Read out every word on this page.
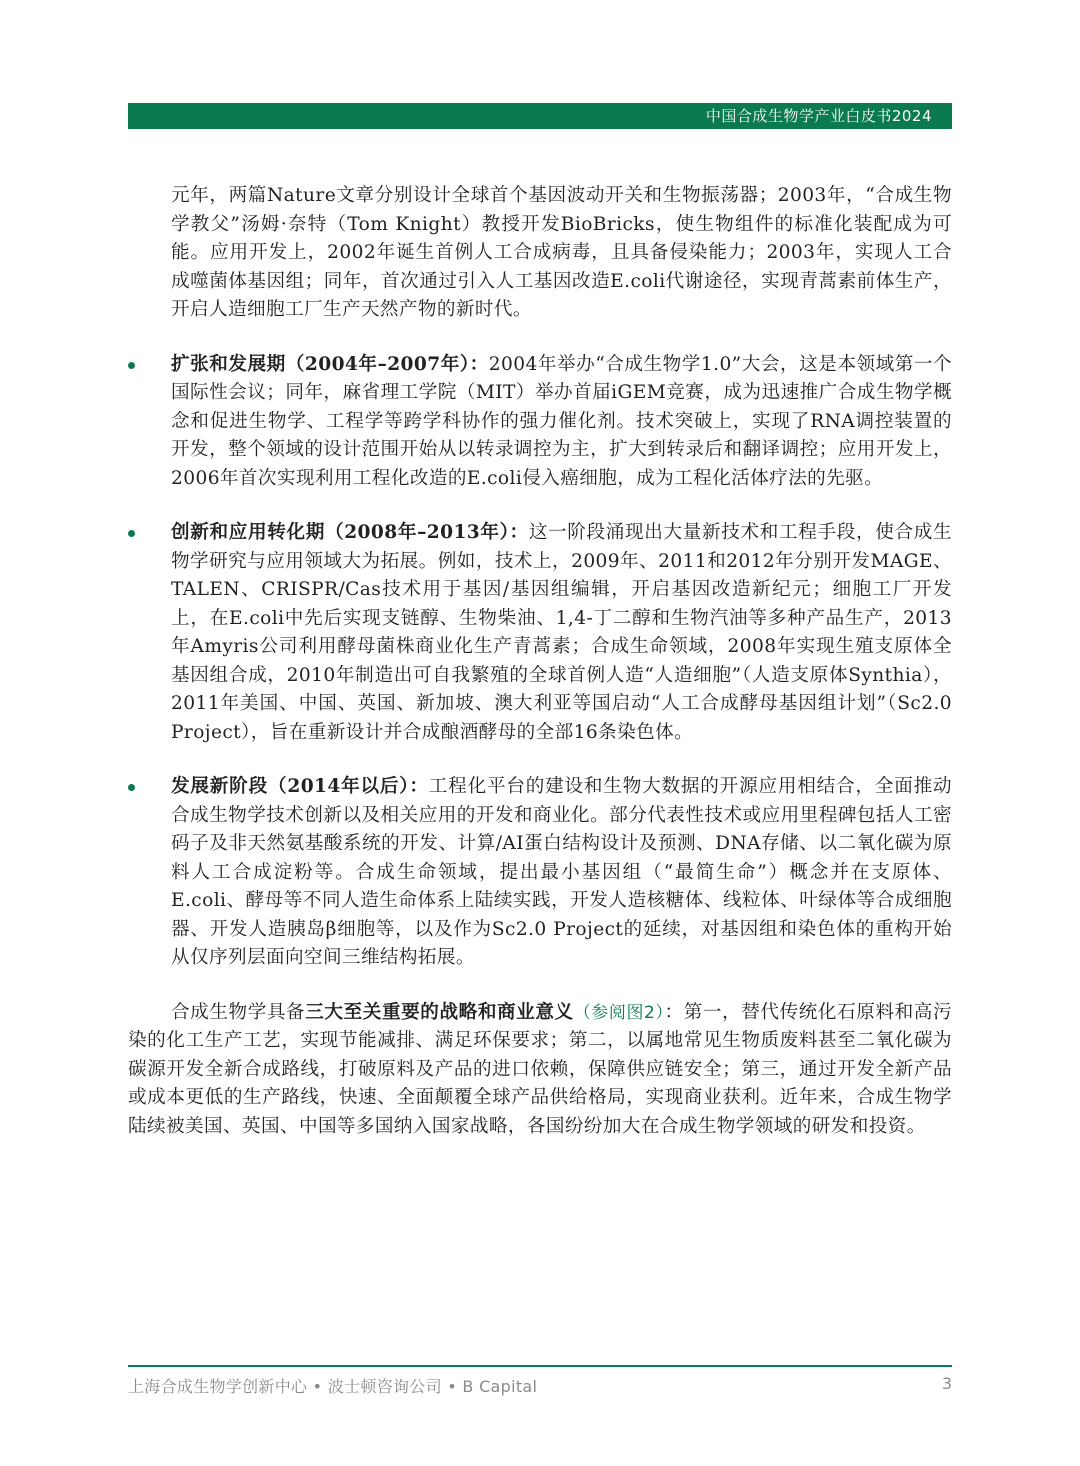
中国合成生物学产业白皮书2024

元年，两篇Nature文章分别设计全球首个基因波动开关和生物振荡器；2003年，“合成生物学教父”汤姆·奈特（Tom Knight）教授开发BioBricks，使生物组件的标准化装配成为可能。应用开发上，2002年诞生首例人工合成病毒，且具备侵染能力；2003年，实现人工合成噬菌体基因组；同年，首次通过引入人工基因改造E.coli代谢途径，实现青蒿素前体生产，开启人造细胞工厂生产天然产物的新时代。

扩张和发展期（2004年–2007年）：2004年举办“合成生物学1.0”大会，这是本领域第一个国际性会议；同年，麻省理工学院（MIT）举办首届iGEM竞赛，成为迅速推广合成生物学概念和促进生物学、工程学等跨学科协作的强力催化剂。技术突破上，实现了RNA调控装置的开发，整个领域的设计范围开始从以转录调控为主，扩大到转录后和翻译调控；应用开发上，2006年首次实现利用工程化改造的E.coli侵入癌细胞，成为工程化活体疗法的先驱。

创新和应用转化期（2008年–2013年）：这一阶段涌现出大量新技术和工程手段，使合成生物学研究与应用领域大为拓展。例如，技术上，2009年、2011和2012年分别开发MAGE、TALEN、CRISPR/Cas技术用于基因/基因组编辑，开启基因改造新纪元；细胞工厂开发上，在E.coli中先后实现支链醇、生物柴油、1,4-丁二醇和生物汽油等多种产品生产，2013年Amyris公司利用酵母菌株商业化生产青蒿素；合成生命领域，2008年实现生殖支原体全基因组合成，2010年制造出可自我繁殖的全球首例人造“人造细胞”（人造支原体Synthia），2011年美国、中国、英国、新加坡、澳大利亚等国启动“人工合成酵母基因组计划”（Sc2.0 Project），旨在重新设计并合成酿酒酵母的全部16条染色体。

发展新阶段（2014年以后）：工程化平台的建设和生物大数据的开源应用相结合，全面推动合成生物学技术创新以及相关应用的开发和商业化。部分代表性技术或应用里程碑包括人工密码子及非天然氨基酸系统的开发、计算/AI蛋白结构设计及预测、DNA存储、以二氧化碳为原料人工合成淀粉等。合成生命领域，提出最小基因组（“最简生命”）概念并在支原体、E.coli、酵母等不同人造生命体系上陆续实践，开发人造核糖体、线粒体、叶绿体等合成细胞器、开发人造胰岛β细胞等，以及作为Sc2.0 Project的延续，对基因组和染色体的重构开始从仅序列层面向空间三维结构拓展。

合成生物学具备三大至关重要的战略和商业意义（参阅图2）：第一，替代传统化石原料和高污染的化工生产工艺，实现节能减排、满足环保要求；第二，以属地常见生物质废料甚至二氧化碳为碳源开发全新合成路线，打破原料及产品的进口依赖，保障供应链安全；第三，通过开发全新产品或成本更低的生产路线，快速、全面颠覆全球产品供给格局，实现商业获利。近年来，合成生物学陆续被美国、英国、中国等多国纳入国家战略，各国纷纷加大在合成生物学领域的研发和投资。

上海合成生物学创新中心 • 波士顿咨询公司 • B Capital	3
